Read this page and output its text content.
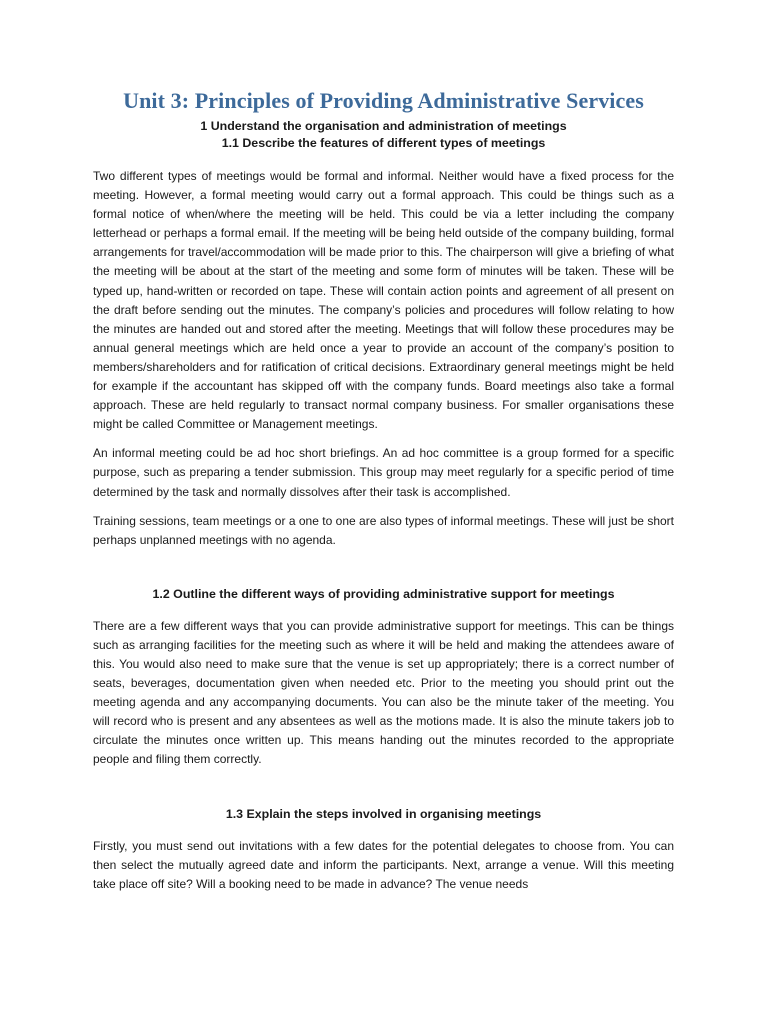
Unit 3: Principles of Providing Administrative Services

1 Understand the organisation and administration of meetings

1.1 Describe the features of different types of meetings

Two different types of meetings would be formal and informal. Neither would have a fixed process for the meeting. However, a formal meeting would carry out a formal approach. This could be things such as a formal notice of when/where the meeting will be held. This could be via a letter including the company letterhead or perhaps a formal email. If the meeting will be being held outside of the company building, formal arrangements for travel/accommodation will be made prior to this. The chairperson will give a briefing of what the meeting will be about at the start of the meeting and some form of minutes will be taken. These will be typed up, hand-written or recorded on tape. These will contain action points and agreement of all present on the draft before sending out the minutes. The company’s policies and procedures will follow relating to how the minutes are handed out and stored after the meeting. Meetings that will follow these procedures may be annual general meetings which are held once a year to provide an account of the company’s position to members/shareholders and for ratification of critical decisions. Extraordinary general meetings might be held for example if the accountant has skipped off with the company funds. Board meetings also take a formal approach. These are held regularly to transact normal company business. For smaller organisations these might be called Committee or Management meetings.

An informal meeting could be ad hoc short briefings. An ad hoc committee is a group formed for a specific purpose, such as preparing a tender submission. This group may meet regularly for a specific period of time determined by the task and normally dissolves after their task is accomplished.

Training sessions, team meetings or a one to one are also types of informal meetings. These will just be short perhaps unplanned meetings with no agenda.

1.2 Outline the different ways of providing administrative support for meetings

There are a few different ways that you can provide administrative support for meetings. This can be things such as arranging facilities for the meeting such as where it will be held and making the attendees aware of this. You would also need to make sure that the venue is set up appropriately; there is a correct number of seats, beverages, documentation given when needed etc. Prior to the meeting you should print out the meeting agenda and any accompanying documents. You can also be the minute taker of the meeting. You will record who is present and any absentees as well as the motions made. It is also the minute takers job to circulate the minutes once written up. This means handing out the minutes recorded to the appropriate people and filing them correctly.

1.3 Explain the steps involved in organising meetings

Firstly, you must send out invitations with a few dates for the potential delegates to choose from. You can then select the mutually agreed date and inform the participants. Next, arrange a venue. Will this meeting take place off site? Will a booking need to be made in advance? The venue needs
